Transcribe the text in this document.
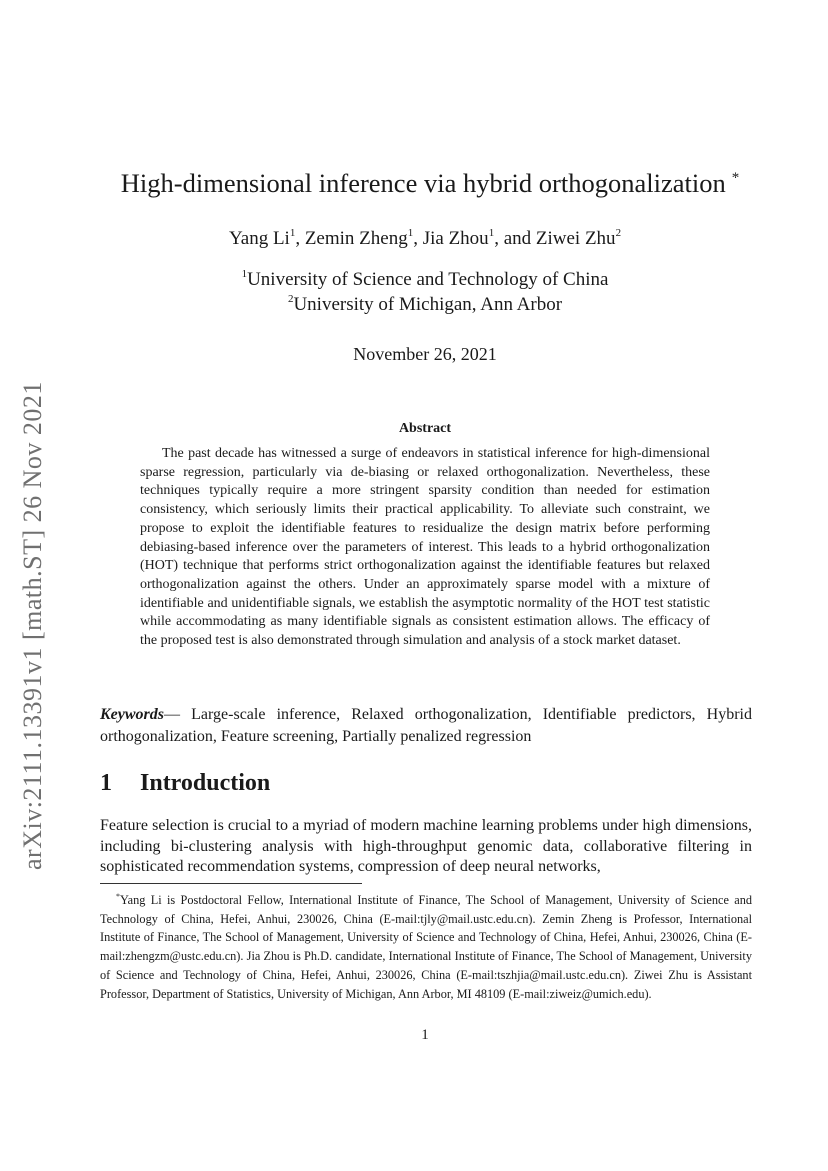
arXiv:2111.13391v1 [math.ST] 26 Nov 2021
High-dimensional inference via hybrid orthogonalization *
Yang Li$^1$, Zemin Zheng$^1$, Jia Zhou$^1$, and Ziwei Zhu$^2$
$^1$University of Science and Technology of China
$^2$University of Michigan, Ann Arbor
November 26, 2021
Abstract

The past decade has witnessed a surge of endeavors in statistical inference for high-dimensional sparse regression, particularly via de-biasing or relaxed orthogonalization. Nevertheless, these techniques typically require a more stringent sparsity condition than needed for estimation consistency, which seriously limits their practical applicability. To alleviate such constraint, we propose to exploit the identifiable features to residualize the design matrix before performing debiasing-based inference over the parameters of interest. This leads to a hybrid orthogonalization (HOT) technique that performs strict orthogonalization against the identifiable features but relaxed orthogonalization against the others. Under an approximately sparse model with a mixture of identifiable and unidentifiable signals, we establish the asymptotic normality of the HOT test statistic while accommodating as many identifiable signals as consistent estimation allows. The efficacy of the proposed test is also demonstrated through simulation and analysis of a stock market dataset.

Keywords— Large-scale inference, Relaxed orthogonalization, Identifiable predictors, Hybrid orthogonalization, Feature screening, Partially penalized regression

1 Introduction

Feature selection is crucial to a myriad of modern machine learning problems under high dimensions, including bi-clustering analysis with high-throughput genomic data, collaborative filtering in sophisticated recommendation systems, compression of deep neural networks,

*Yang Li is Postdoctoral Fellow, International Institute of Finance, The School of Management, University of Science and Technology of China, Hefei, Anhui, 230026, China (E-mail:tjly@mail.ustc.edu.cn). Zemin Zheng is Professor, International Institute of Finance, The School of Management, University of Science and Technology of China, Hefei, Anhui, 230026, China (E-mail:zhengzm@ustc.edu.cn). Jia Zhou is Ph.D. candidate, International Institute of Finance, The School of Management, University of Science and Technology of China, Hefei, Anhui, 230026, China (E-mail:tszhjia@mail.ustc.edu.cn). Ziwei Zhu is Assistant Professor, Department of Statistics, University of Michigan, Ann Arbor, MI 48109 (E-mail:ziweiz@umich.edu).

1
